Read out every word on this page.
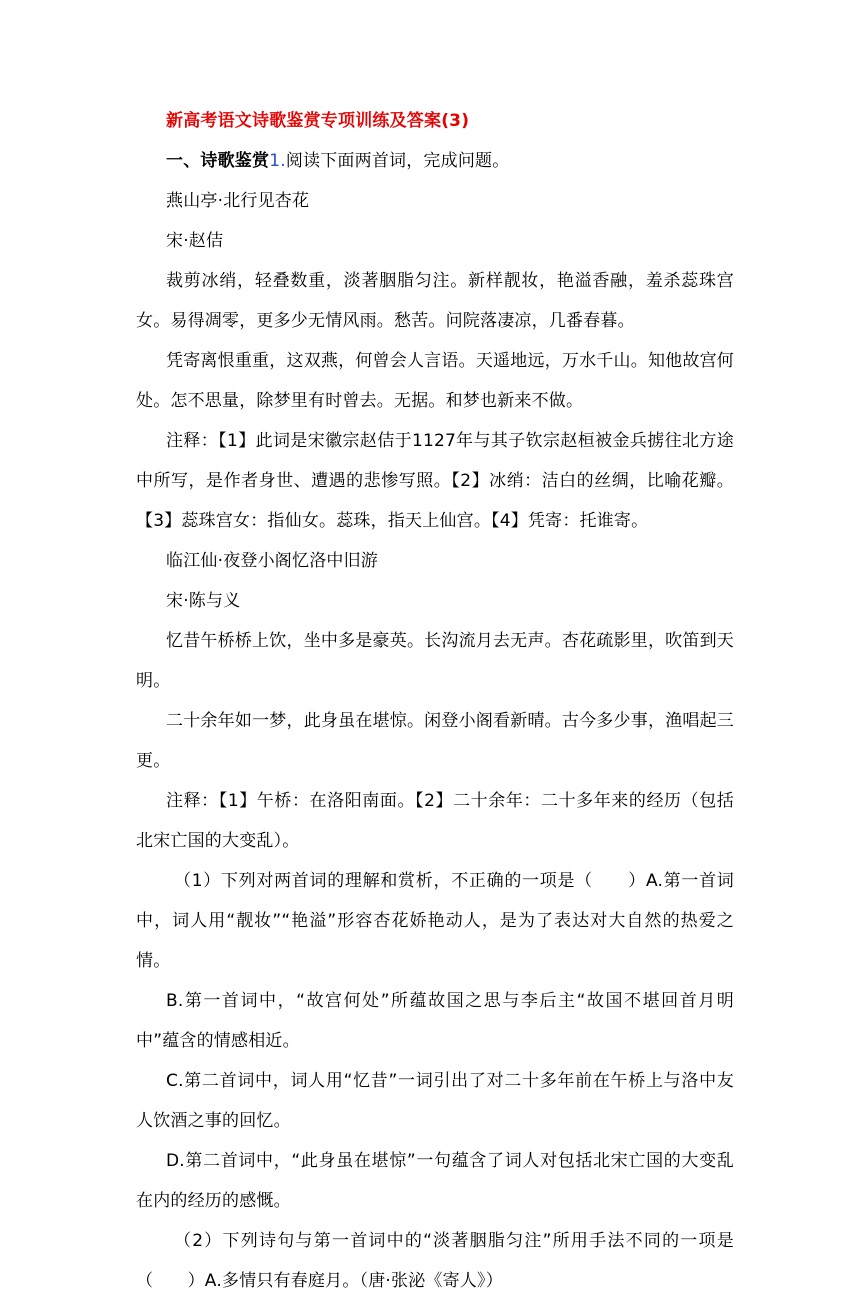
新高考语文诗歌鉴赏专项训练及答案(3)

一、诗歌鉴赏1.阅读下面两首词，完成问题。

燕山亭·北行见杏花

宋·赵佶

裁剪冰绡，轻叠数重，淡著胭脂匀注。新样靓妆，艳溢香融，羞杀蕊珠宫女。易得凋零，更多少无情风雨。愁苦。问院落凄凉，几番春暮。

凭寄离恨重重，这双燕，何曾会人言语。天遥地远，万水千山。知他故宫何处。怎不思量，除梦里有时曾去。无据。和梦也新来不做。

注释：【1】此词是宋徽宗赵佶于1127年与其子钦宗赵桓被金兵掳往北方途中所写，是作者身世、遭遇的悲惨写照。【2】冰绡：洁白的丝绸，比喻花瓣。【3】蕊珠宫女：指仙女。蕊珠，指天上仙宫。【4】凭寄：托谁寄。

临江仙·夜登小阁忆洛中旧游

宋·陈与义

忆昔午桥桥上饮，坐中多是豪英。长沟流月去无声。杏花疏影里，吹笛到天明。

二十余年如一梦，此身虽在堪惊。闲登小阁看新晴。古今多少事，渔唱起三更。

注释：【1】午桥：在洛阳南面。【2】二十余年：二十多年来的经历（包括北宋亡国的大变乱）。

（1）下列对两首词的理解和赏析，不正确的一项是（　　）A.第一首词中，词人用“靓妆”“艳溢”形容杏花娇艳动人，是为了表达对大自然的热爱之情。

B.第一首词中，“故宫何处”所蕴故国之思与李后主“故国不堪回首月明中”蕴含的情感相近。

C.第二首词中，词人用“忆昔”一词引出了对二十多年前在午桥上与洛中友人饮酒之事的回忆。

D.第二首词中，“此身虽在堪惊”一句蕴含了词人对包括北宋亡国的大变乱在内的经历的感慨。

（2）下列诗句与第一首词中的“淡著胭脂匀注”所用手法不同的一项是（　　）A.多情只有春庭月。（唐·张泌《寄人》）
